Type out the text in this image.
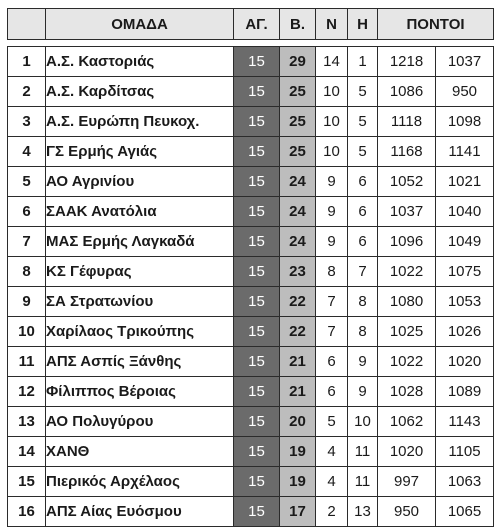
	ΟΜΑΔΑ	ΑΓ.	Β.	Ν	Η	ΠΟΝΤΟΙ	

1	Α.Σ. Καστοριάς	15	29	14	1	1218	1037
2	Α.Σ. Καρδίτσας	15	25	10	5	1086	950
3	Α.Σ. Ευρώπη Πευκοχ.	15	25	10	5	1118	1098
4	ΓΣ Ερμής Αγιάς	15	25	10	5	1168	1141
5	ΑΟ Αγρινίου	15	24	9	6	1052	1021
6	ΣΑΑΚ Ανατόλια	15	24	9	6	1037	1040
7	ΜΑΣ Ερμής Λαγκαδά	15	24	9	6	1096	1049
8	ΚΣ Γέφυρας	15	23	8	7	1022	1075
9	ΣΑ Στρατωνίου	15	22	7	8	1080	1053
10	Χαρίλαος Τρικούπης	15	22	7	8	1025	1026
11	ΑΠΣ Ασπίς Ξάνθης	15	21	6	9	1022	1020
12	Φίλιππος Βέροιας	15	21	6	9	1028	1089
13	ΑΟ Πολυγύρου	15	20	5	10	1062	1143
14	ΧΑΝΘ	15	19	4	11	1020	1105
15	Πιερικός Αρχέλαος	15	19	4	11	997	1063
16	ΑΠΣ Αίας Ευόσμου	15	17	2	13	950	1065
